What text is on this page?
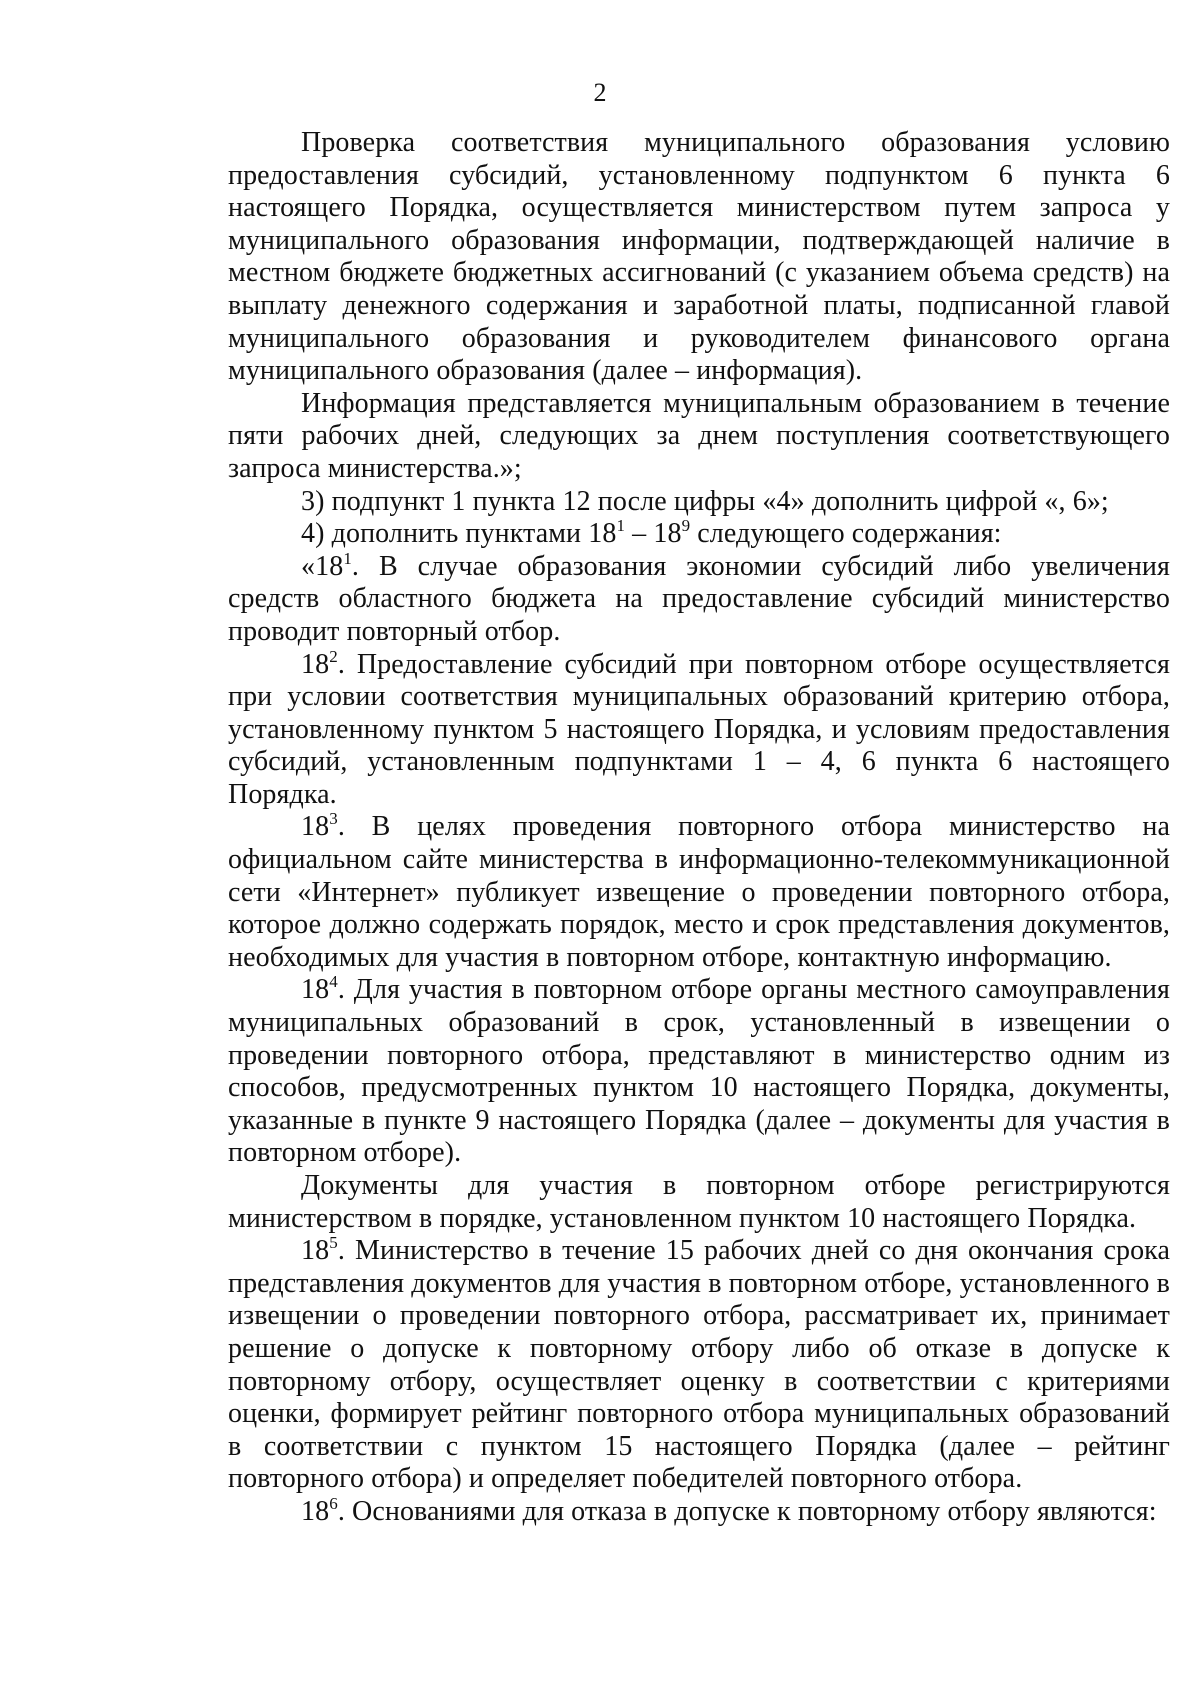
2

Проверка соответствия муниципального образования условию предоставления субсидий, установленному подпунктом 6 пункта 6 настоящего Порядка, осуществляется министерством путем запроса у муниципального образования информации, подтверждающей наличие в местном бюджете бюджетных ассигнований (с указанием объема средств) на выплату денежного содержания и заработной платы, подписанной главой муниципального образования и руководителем финансового органа муниципального образования (далее – информация).

Информация представляется муниципальным образованием в течение пяти рабочих дней, следующих за днем поступления соответствующего запроса министерства.»;

3) подпункт 1 пункта 12 после цифры «4» дополнить цифрой «, 6»;

4) дополнить пунктами $18^1 - 18^9$ следующего содержания:

«$18^1$. В случае образования экономии субсидий либо увеличения средств областного бюджета на предоставление субсидий министерство проводит повторный отбор.

$18^2$. Предоставление субсидий при повторном отборе осуществляется при условии соответствия муниципальных образований критерию отбора, установленному пунктом 5 настоящего Порядка, и условиям предоставления субсидий, установленным подпунктами 1 – 4, 6 пункта 6 настоящего Порядка.

$18^3$. В целях проведения повторного отбора министерство на официальном сайте министерства в информационно-телекоммуникационной сети «Интернет» публикует извещение о проведении повторного отбора, которое должно содержать порядок, место и срок представления документов, необходимых для участия в повторном отборе, контактную информацию.

$18^4$. Для участия в повторном отборе органы местного самоуправления муниципальных образований в срок, установленный в извещении о проведении повторного отбора, представляют в министерство одним из способов, предусмотренных пунктом 10 настоящего Порядка, документы, указанные в пункте 9 настоящего Порядка (далее – документы для участия в повторном отборе).

Документы для участия в повторном отборе регистрируются министерством в порядке, установленном пунктом 10 настоящего Порядка.

$18^5$. Министерство в течение 15 рабочих дней со дня окончания срока представления документов для участия в повторном отборе, установленного в извещении о проведении повторного отбора, рассматривает их, принимает решение о допуске к повторному отбору либо об отказе в допуске к повторному отбору, осуществляет оценку в соответствии с критериями оценки, формирует рейтинг повторного отбора муниципальных образований в соответствии с пунктом 15 настоящего Порядка (далее – рейтинг повторного отбора) и определяет победителей повторного отбора.

$18^6$. Основаниями для отказа в допуске к повторному отбору являются:
